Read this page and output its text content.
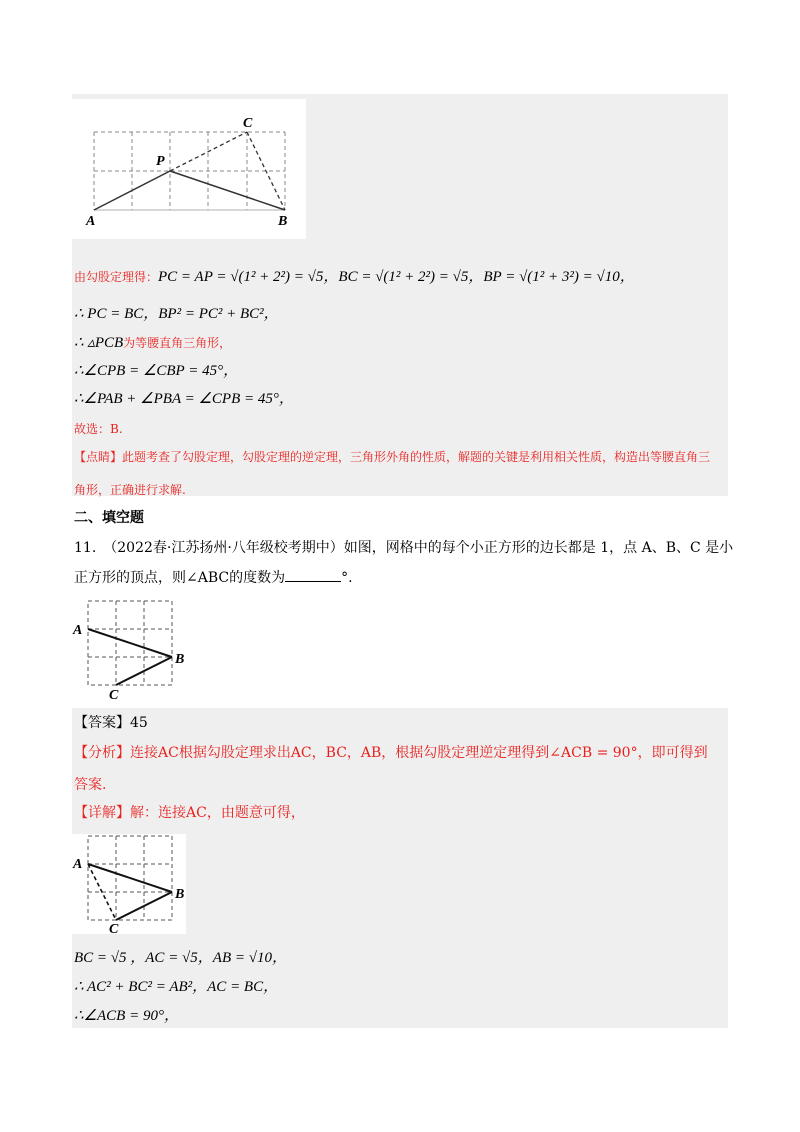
A	B
C
P
由勾股定理得：PC = AP = √(1² + 2²) = √5，BC = √(1² + 2²) = √5，BP = √(1² + 3²) = √10，
∴ PC = BC，BP² = PC² + BC²，
∴ ▵PCB为等腰直角三角形，
∴∠CPB = ∠CBP = 45°，
∴∠PAB + ∠PBA = ∠CPB = 45°，
故选：B.
【点睛】此题考查了勾股定理，勾股定理的逆定理，三角形外角的性质，解题的关键是利用相关性质，构造出等腰直角三
角形，正确进行求解.
二、填空题
11.　（2022春·江苏扬州·八年级校考期中）如图，网格中的每个小正方形的边长都是 1，点 A、B、C 是小
正方形的顶点，则∠ABC的度数为	°.
A
B
C
【答案】45
【分析】连接AC根据勾股定理求出AC，BC，AB，根据勾股定理逆定理得到∠ACB = 90°，即可得到
答案.
【详解】解：连接AC，由题意可得，
A
B
C
BC = √5 ，AC = √5，AB = √10，
∴ AC² + BC² = AB²，AC = BC，
∴∠ACB = 90°，
